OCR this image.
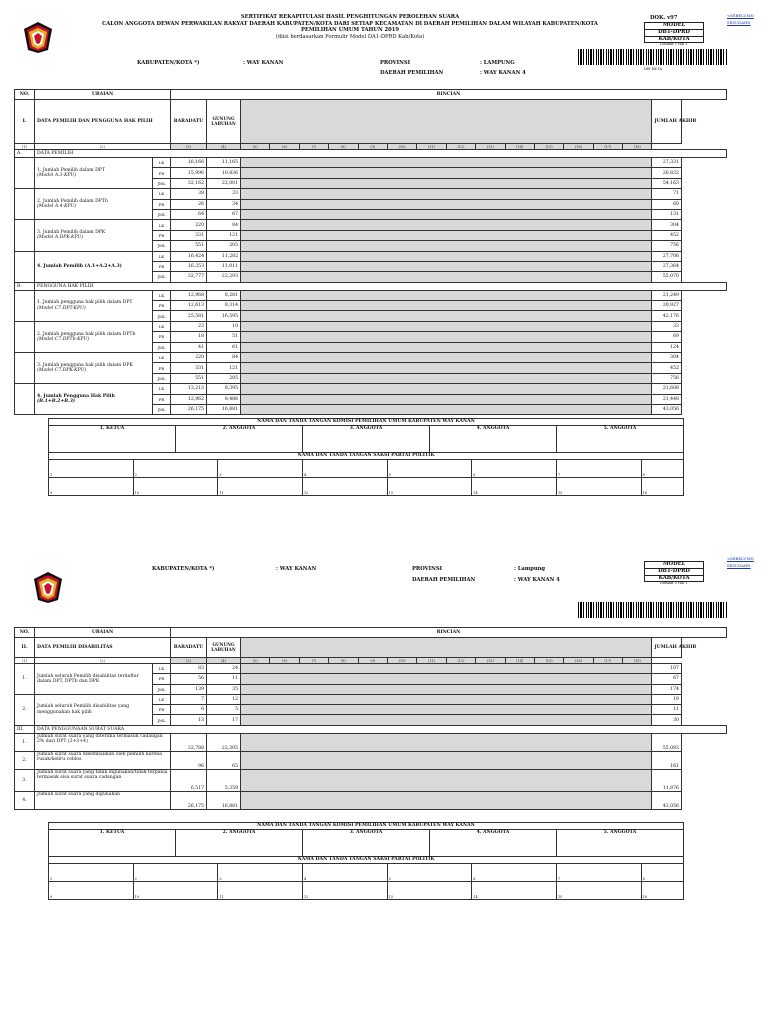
SERTIFIKAT REKAPITULASI HASIL PENGHITUNGAN PEROLEHAN SUARA
CALON ANGGOTA DEWAN PERWAKILAN RAKYAT DAERAH KABUPATEN/KOTA DARI SETIAP KECAMATAN DI DAERAH PEMILIHAN DALAM WILAYAH KABUPATEN/KOTA
PEMILIHAN UMUM TAHUN 2019
(diisi berdasarkan Formulir Model DA1-DPRD Kab/Kota)
DOK. v97
MODEL
DB1-DPRD
KAB/KOTA
Lembar 1 Hal 1
<SEBELUMN
SESUDAHN
KABUPATEN/KOTA *)	: WAY KANAN	PROVINSI	: LAMPUNG
DAERAH PEMILIHAN	: WAY KANAN 4
DB1-KK-1A
NO.	URAIAN		RINCIAN																
I.	DATA PEMILIH DAN PENGGUNA HAK PILIH		BARADATU	GUNUNG LABUHAN															JUMLAH AKHIR
(1)	(2)		(3)	(4)	(5)	(6)	(7)	(8)	(9)	(10)	(11)	(12)	(13)	(14)	(15)	(16)	(17)	(18)	
A.	DATA PEMILIH																		
	1. Jumlah Pemilih dalam DPT
(Model A.3-KPU)	LK	16,166	11,165															27,331
		PR	15,996	10,836															26,832
		JML	32,162	22,001															54,163
	2. Jumlah Pemilih dalam DPTb
(Model A.4-KPU)	LK	38	33															71
		PR	26	34															60
		JML	64	67															131
	3. Jumlah Pemilih dalam DPK
(Model A.DPK-KPU)	LK	220	84															304
		PR	331	121															452
		JML	551	205															756
	4. Jumlah Pemilih (A.1+A.2+A.3)	LK	16,424	11,282															27,706
		PR	16,353	11,011															27,364
		JML	32,777	22,293															55,070
B.	PENGGUNA HAK PILIH																		
	1. Jumlah pengguna hak pilih dalam DPT
(Model C7.DPT-KPU)	LK	12,968	8,281															21,249
		PR	12,613	8,314															20,927
		JML	25,581	16,595															42,176
	2. Jumlah pengguna hak pilih dalam DPTb
(Model C7.DPTb-KPU)	LK	23	10															33
		PR	18	51															69
		JML	41	61															124
	3. Jumlah pengguna hak pilih dalam DPK
(Model C7.DPK-KPU)	LK	220	84															304
		PR	331	121															452
		JML	551	205															756
	4. Jumlah Pengguna Hak Pilih
(B.1+B.2+B.3)	LK	13,213	8,395															21,608
		PR	12,962	8,486															21,448
		JML	26,175	16,881															43,056
NAMA DAN TANDA TANGAN KOMISI PEMILIHAN UMUM KABUPATEN WAY KANAN									
1. KETUA		2. ANGGOTA		3. ANGGOTA		4. ANGGOTA		5. ANGGOTA	
NAMA DAN TANDA TANGAN SAKSI PARTAI POLITIK									
1	2		3	4	5		6	7	8
9	10		11	12	13		14	15	16
KABUPATEN/KOTA *)	: WAY KANAN	PROVINSI	: Lampung
DAERAH PEMILIHAN	: WAY KANAN 4
MODEL
DB1-DPRD
KAB/KOTA
Lembar 2 Hal 1
<SEBELUMN
SESUDAHN
NO.	URAIAN		RINCIAN																
II.	DATA PEMILIH DISABILITAS		BARADATU	GUNUNG LABUHAN															JUMLAH AKHIR
(1)	(2)		(3)	(4)	(5)	(6)	(7)	(8)	(9)	(10)	(11)	(12)	(13)	(14)	(15)	(16)	(17)	(18)	
1.	Jumlah seluruh Pemilih disabilitas terdaftar dalam DPT, DPTb dan DPK	LK	83	24															107
		PR	56	11															67
		JML	139	35															174
2.	Jumlah seluruh Pemilih disabilitas yang menggunakan hak pilih	LK	7	12															19
		PR	6	5															11
		JML	13	17															30
III.	DATA PENGGUNAAN SURAT SUARA																		
1.	Jumlah surat suara yang diterima termasuk cadangan 2% dari DPT (2+3+4)		32,788	22,305															55,093
2.	Jumlah surat suara dikembalikan oleh pemilih karena rusak/keliru coblos		96	65															161
3.	Jumlah surat suara yang tidak digunakan/tidak terpakai termasuk sisa surat suara cadangan		6,517	5,359															11,876
4.	Jumlah surat suara yang digunakan		26,175	16,881															43,056
NAMA DAN TANDA TANGAN KOMISI PEMILIHAN UMUM KABUPATEN WAY KANAN									
1. KETUA		2. ANGGOTA		3. ANGGOTA		4. ANGGOTA		5. ANGGOTA	
NAMA DAN TANDA TANGAN SAKSI PARTAI POLITIK									
1	2		3	4	5		6	7	8
9	10		11	12	13		14	15	16
